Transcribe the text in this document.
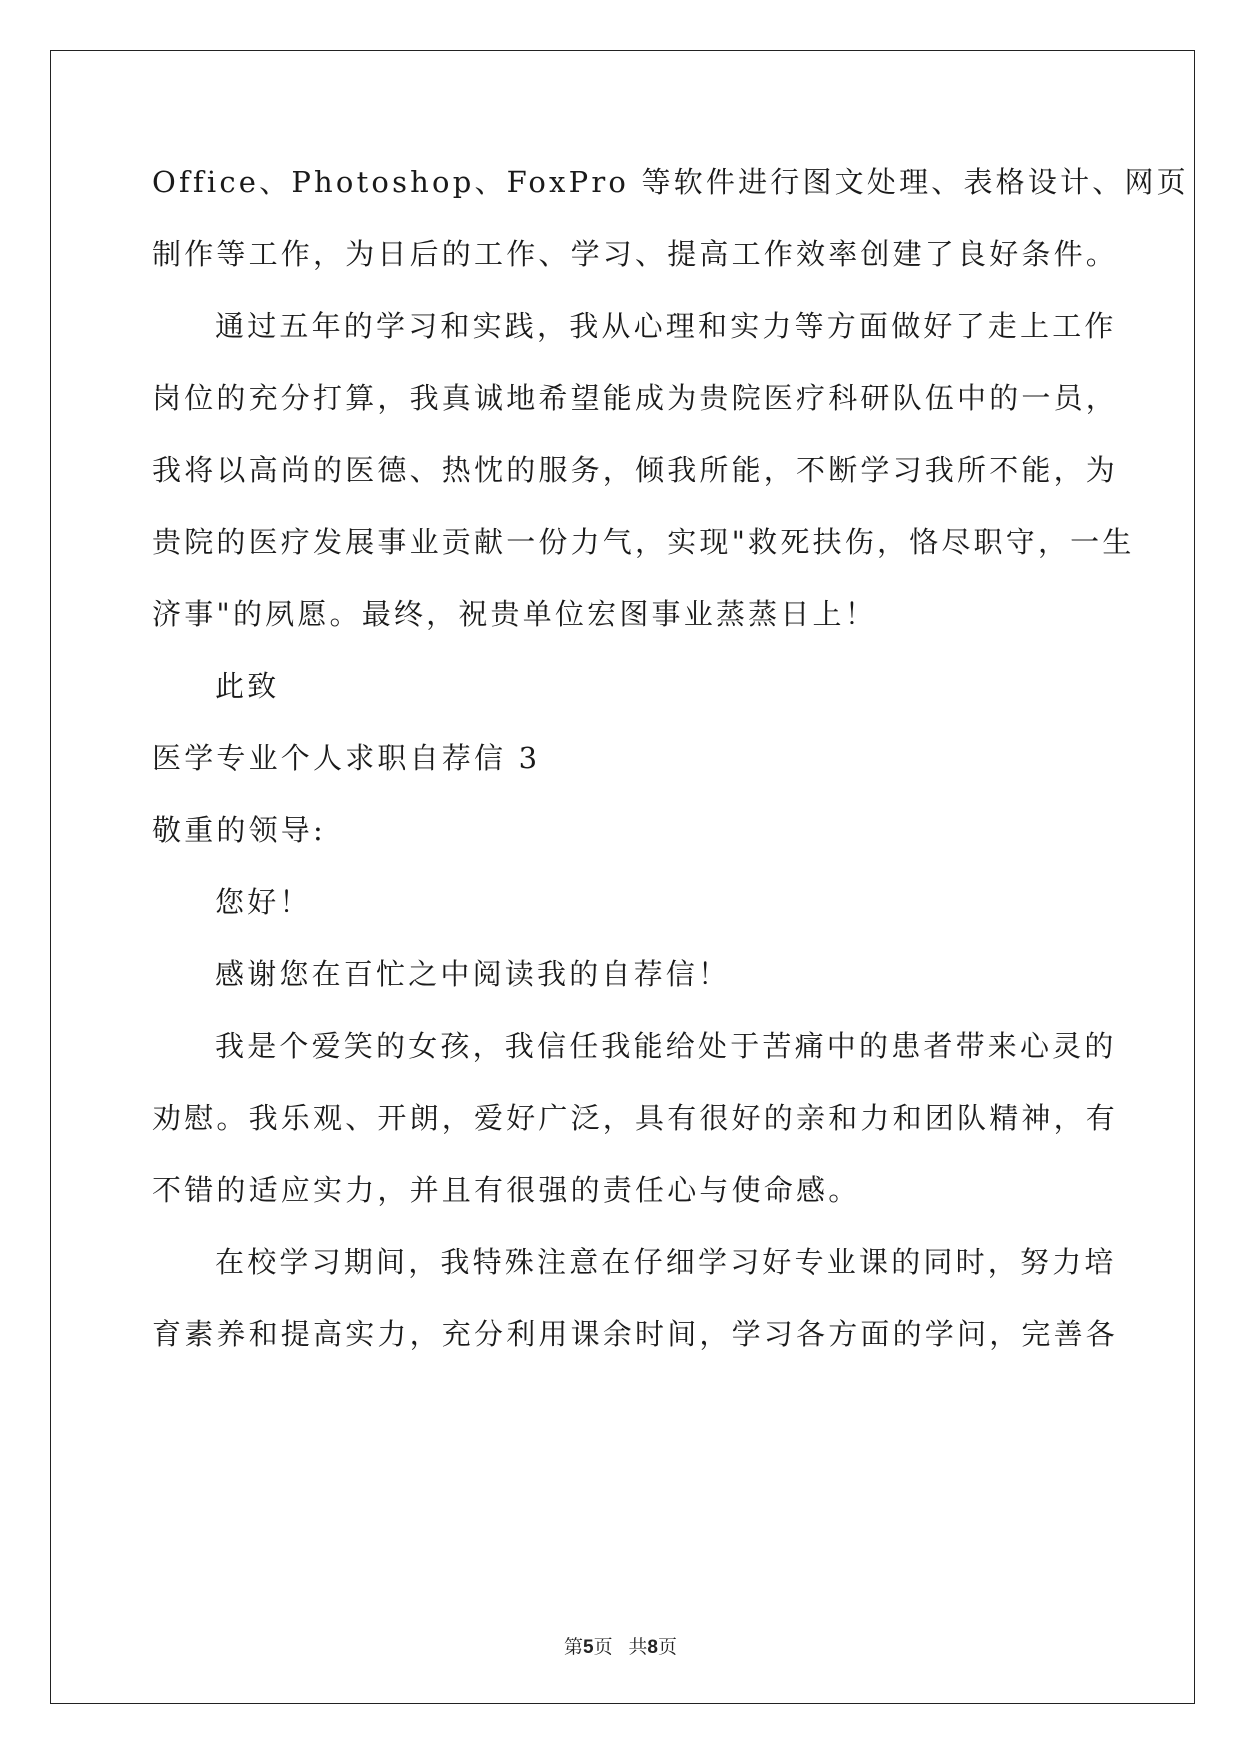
Office、Photoshop、FoxPro 等软件进行图文处理、表格设计、网页
制作等工作，为日后的工作、学习、提高工作效率创建了良好条件。
通过五年的学习和实践，我从心理和实力等方面做好了走上工作
岗位的充分打算，我真诚地希望能成为贵院医疗科研队伍中的一员，
我将以高尚的医德、热忱的服务，倾我所能，不断学习我所不能，为
贵院的医疗发展事业贡献一份力气，实现"救死扶伤，恪尽职守，一生
济事"的夙愿。最终，祝贵单位宏图事业蒸蒸日上！
此致
医学专业个人求职自荐信 3
敬重的领导:
您好！
感谢您在百忙之中阅读我的自荐信！
我是个爱笑的女孩，我信任我能给处于苦痛中的患者带来心灵的
劝慰。我乐观、开朗，爱好广泛，具有很好的亲和力和团队精神，有
不错的适应实力，并且有很强的责任心与使命感。
在校学习期间，我特殊注意在仔细学习好专业课的同时，努力培
育素养和提高实力，充分利用课余时间，学习各方面的学问，完善各
第5页   共8页
